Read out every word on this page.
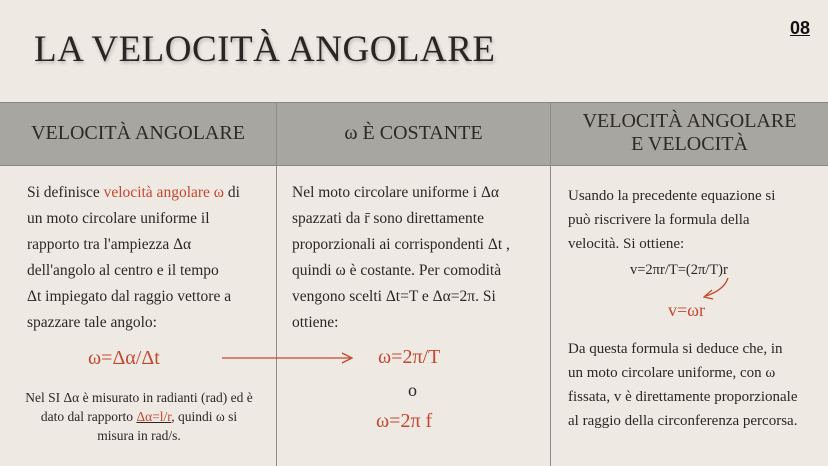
LA VELOCITÀ ANGOLARE
08
VELOCITÀ ANGOLARE	ω È COSTANTE
VELOCITÀ ANGOLARE
E VELOCITÀ
Si definisce velocità angolare ω di
un moto circolare uniforme il
rapporto tra l'ampiezza Δα
dell'angolo al centro e il tempo
Δt impiegato dal raggio vettore a
spazzare tale angolo:
ω=Δα/Δt
Nel SI Δα è misurato in radianti (rad) ed è
dato dal rapporto Δα=l/r, quindi ω si
misura in rad/s.
Nel moto circolare uniforme i Δα
spazzati da r̄ sono direttamente
proporzionali ai corrispondenti Δt ,
quindi ω è costante. Per comodità
vengono scelti Δt=T e Δα=2π. Si
ottiene:
ω=2π/T
o
ω=2π f
Usando la precedente equazione si
può riscrivere la formula della
velocità. Si ottiene:
v=2πr/T=(2π/T)r
v=ωr
Da questa formula si deduce che, in
un moto circolare uniforme, con ω
fissata, v è direttamente proporzionale
al raggio della circonferenza percorsa.
